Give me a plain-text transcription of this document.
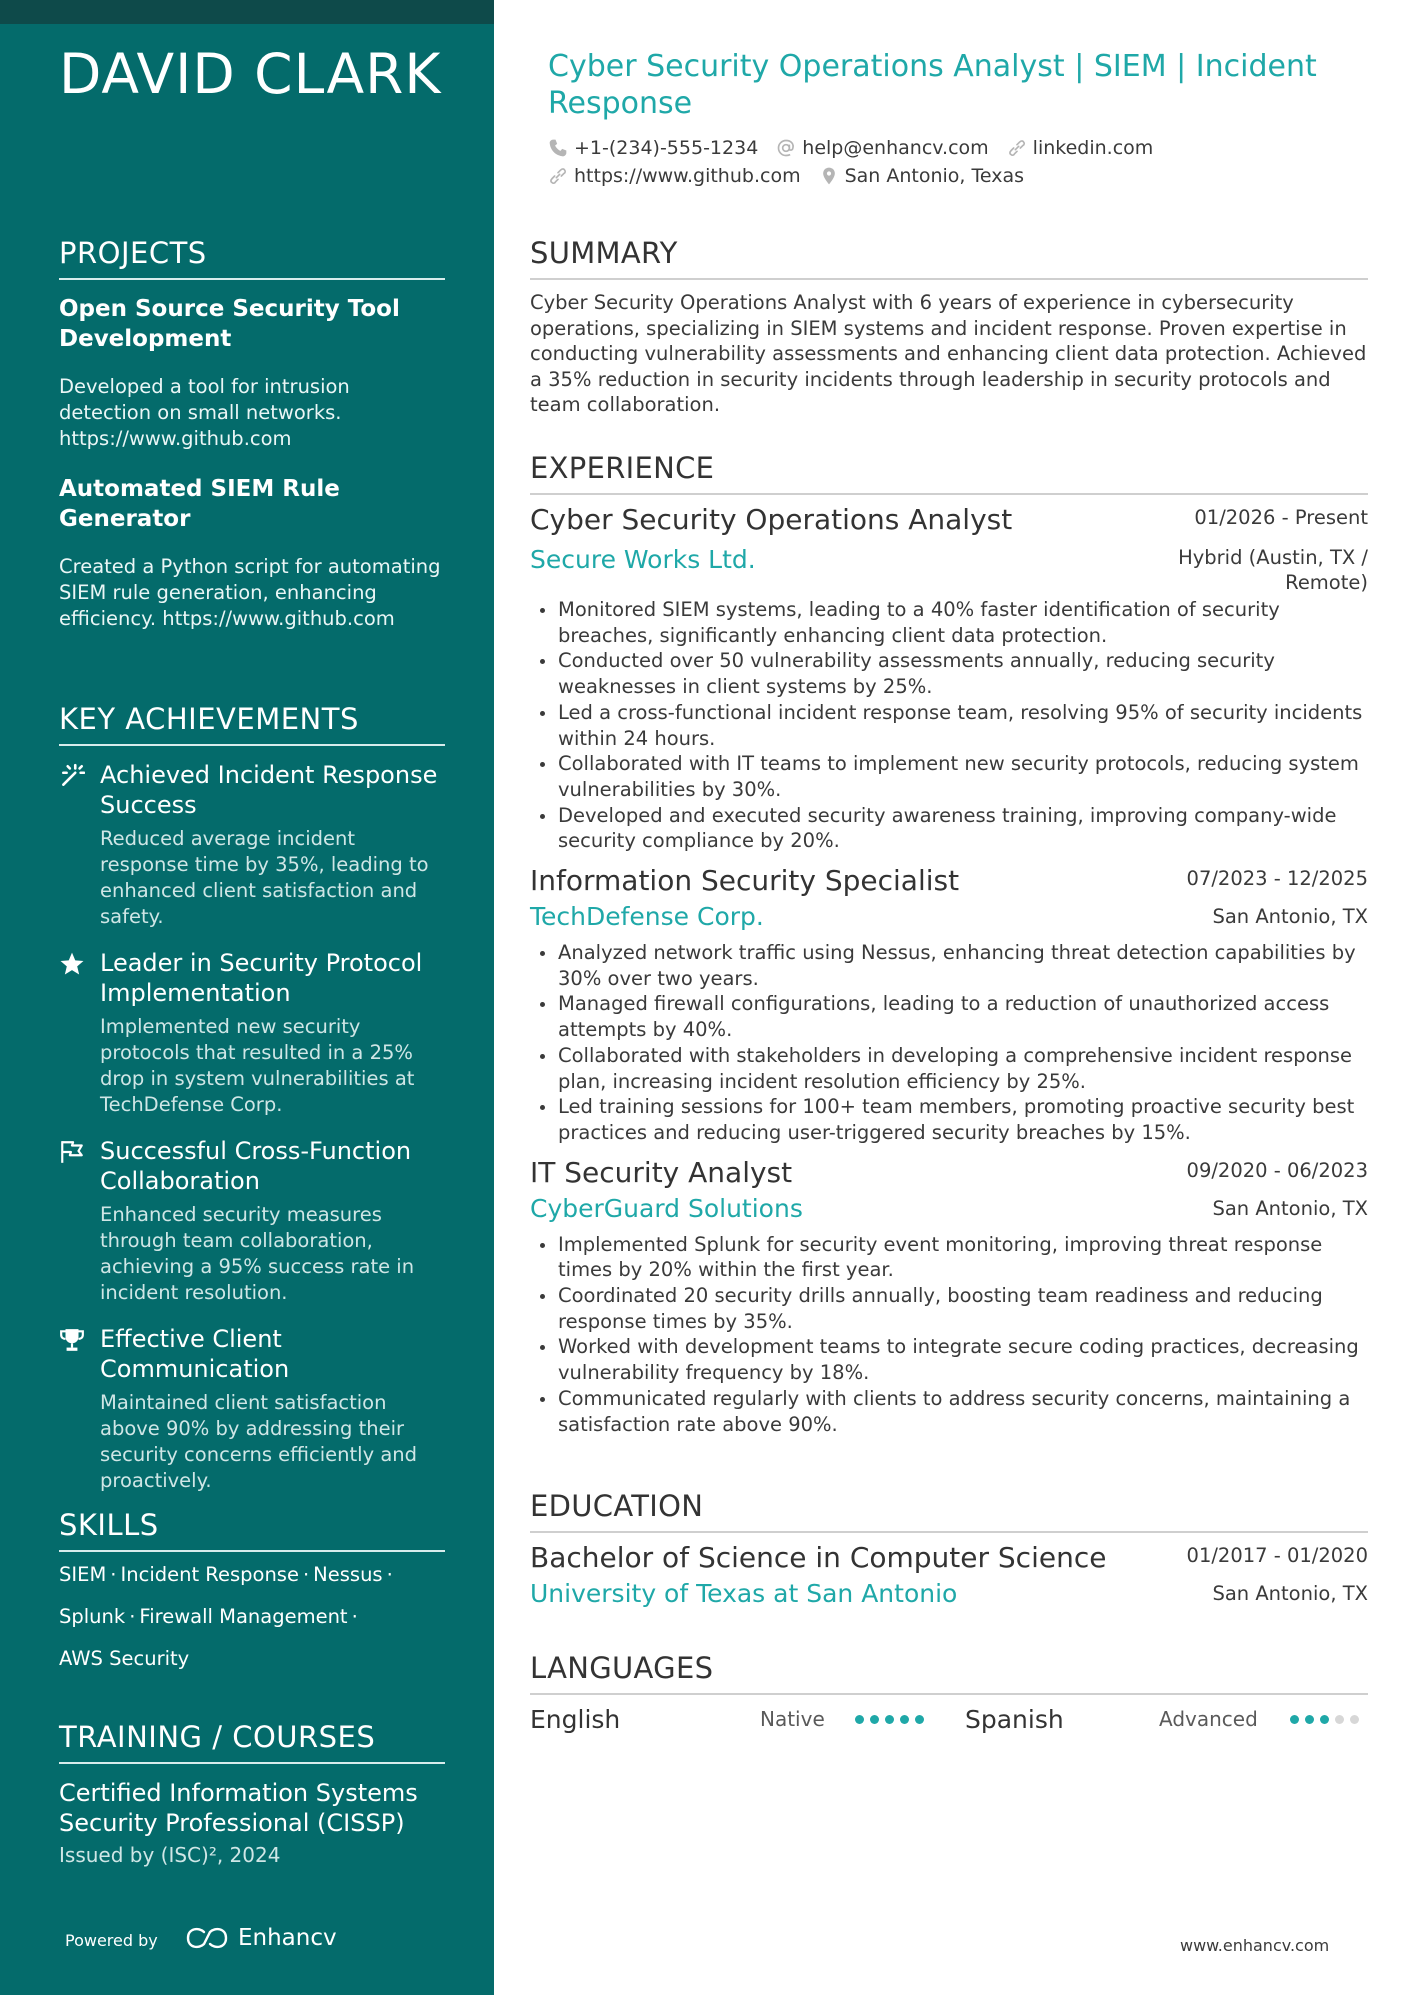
DAVID CLARK
PROJECTS
Open Source Security Tool Development
Developed a tool for intrusion detection on small networks. https://www.github.com
Automated SIEM Rule Generator
Created a Python script for automating SIEM rule generation, enhancing efficiency. https://www.github.com
KEY ACHIEVEMENTS
Achieved Incident Response Success
Reduced average incident response time by 35%, leading to enhanced client satisfaction and safety.
Leader in Security Protocol Implementation
Implemented new security protocols that resulted in a 25% drop in system vulnerabilities at TechDefense Corp.
Successful Cross-Function Collaboration
Enhanced security measures through team collaboration, achieving a 95% success rate in incident resolution.
Effective Client Communication
Maintained client satisfaction above 90% by addressing their security concerns efficiently and proactively.
SKILLS
SIEM · Incident Response · Nessus ·
Splunk · Firewall Management ·
AWS Security
TRAINING / COURSES
Certified Information Systems Security Professional (CISSP)
Issued by (ISC)², 2024
Powered by	Enhancv
Cyber Security Operations Analyst | SIEM | Incident Response
+1-(234)-555-1234 help@enhancv.com linkedin.com
https://www.github.com San Antonio, Texas
SUMMARY
Cyber Security Operations Analyst with 6 years of experience in cybersecurity operations, specializing in SIEM systems and incident response. Proven expertise in conducting vulnerability assessments and enhancing client data protection. Achieved a 35% reduction in security incidents through leadership in security protocols and team collaboration.
EXPERIENCE
Cyber Security Operations Analyst	01/2026 - Present
Secure Works Ltd.	Hybrid (Austin, TX / Remote)
Monitored SIEM systems, leading to a 40% faster identification of security breaches, significantly enhancing client data protection.
Conducted over 50 vulnerability assessments annually, reducing security weaknesses in client systems by 25%.
Led a cross-functional incident response team, resolving 95% of security incidents within 24 hours.
Collaborated with IT teams to implement new security protocols, reducing system vulnerabilities by 30%.
Developed and executed security awareness training, improving company-wide security compliance by 20%.
Information Security Specialist	07/2023 - 12/2025
TechDefense Corp.	San Antonio, TX
Analyzed network traffic using Nessus, enhancing threat detection capabilities by 30% over two years.
Managed firewall configurations, leading to a reduction of unauthorized access attempts by 40%.
Collaborated with stakeholders in developing a comprehensive incident response plan, increasing incident resolution efficiency by 25%.
Led training sessions for 100+ team members, promoting proactive security best practices and reducing user-triggered security breaches by 15%.
IT Security Analyst	09/2020 - 06/2023
CyberGuard Solutions	San Antonio, TX
Implemented Splunk for security event monitoring, improving threat response times by 20% within the first year.
Coordinated 20 security drills annually, boosting team readiness and reducing response times by 35%.
Worked with development teams to integrate secure coding practices, decreasing vulnerability frequency by 18%.
Communicated regularly with clients to address security concerns, maintaining a satisfaction rate above 90%.
EDUCATION
Bachelor of Science in Computer Science	01/2017 - 01/2020
University of Texas at San Antonio	San Antonio, TX
LANGUAGES
English	Native	Spanish	Advanced
www.enhancv.com
